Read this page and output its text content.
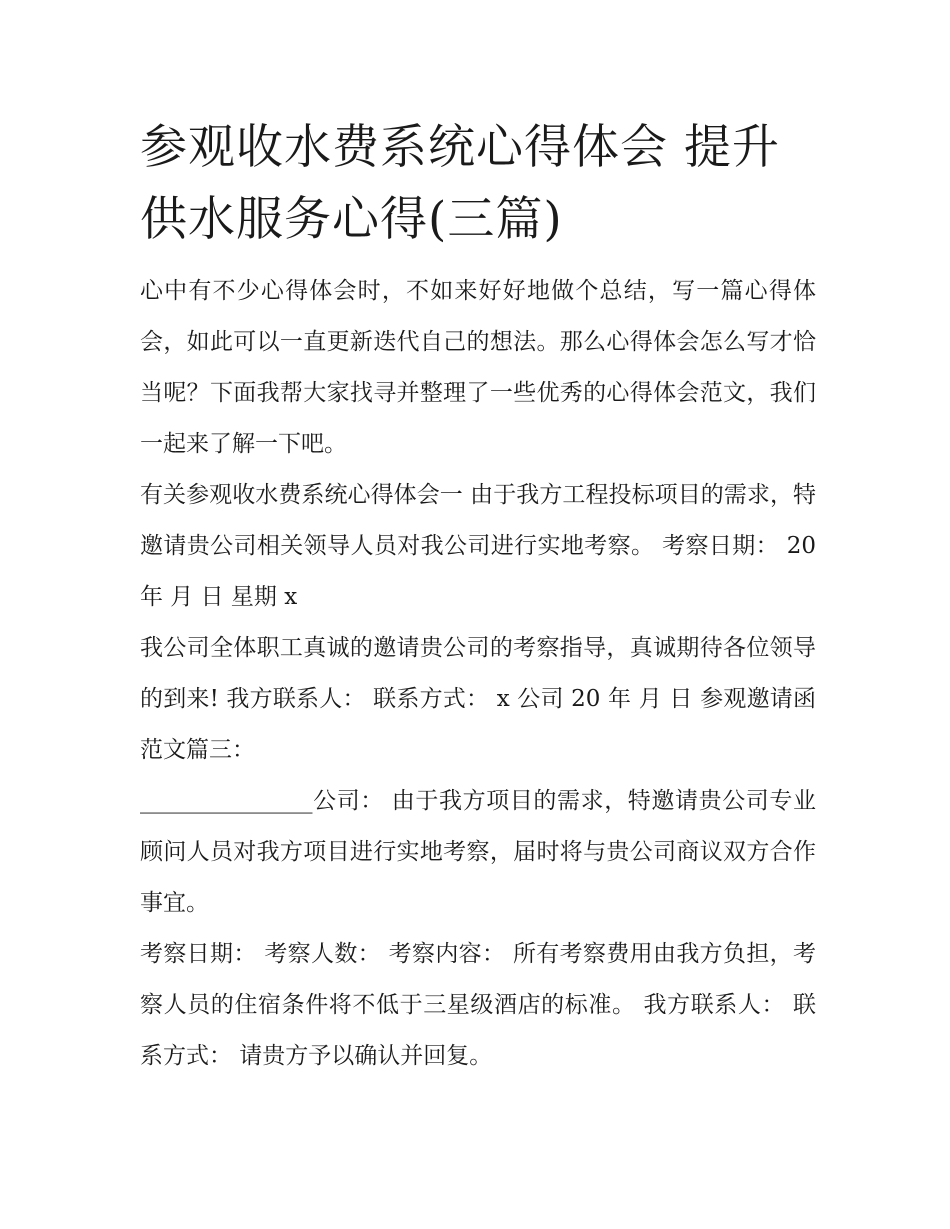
参观收水费系统心得体会 提升供水服务心得(三篇)

心中有不少心得体会时，不如来好好地做个总结，写一篇心得体会，如此可以一直更新迭代自己的想法。那么心得体会怎么写才恰当呢？下面我帮大家找寻并整理了一些优秀的心得体会范文，我们一起来了解一下吧。

有关参观收水费系统心得体会一 由于我方工程投标项目的需求，特邀请贵公司相关领导人员对我公司进行实地考察。 考察日期： 20 年 月 日 星期 x

我公司全体职工真诚的邀请贵公司的考察指导，真诚期待各位领导的到来! 我方联系人： 联系方式： x 公司 20 年 月 日 参观邀请函范文篇三：

_______________公司： 由于我方项目的需求，特邀请贵公司专业顾问人员对我方项目进行实地考察，届时将与贵公司商议双方合作事宜。

考察日期： 考察人数： 考察内容： 所有考察费用由我方负担，考察人员的住宿条件将不低于三星级酒店的标准。 我方联系人： 联系方式： 请贵方予以确认并回复。
